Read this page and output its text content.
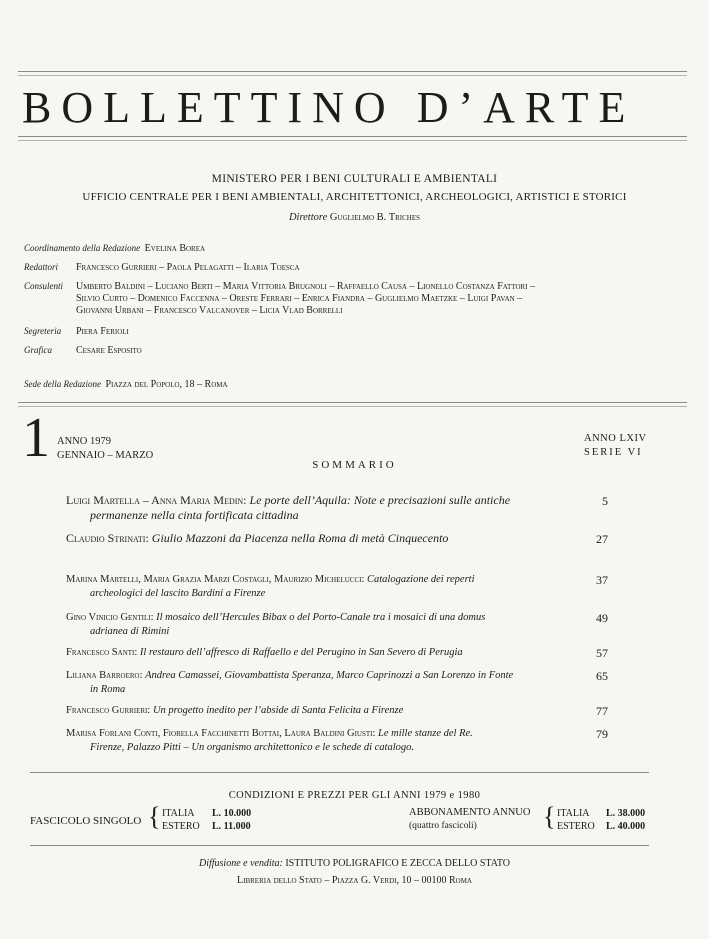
BOLLETTINO D’ARTE
MINISTERO PER I BENI CULTURALI E AMBIENTALI
UFFICIO CENTRALE PER I BENI AMBIENTALI, ARCHITETTONICI, ARCHEOLOGICI, ARTISTICI E STORICI
Direttore Guglielmo B. Triches
Coordinamento della Redazione Evelina Borea
Redattori Francesco Gurrieri – Paola Pelagatti – Ilaria Toesca
Consulenti Umberto Baldini – Luciano Berti – Maria Vittoria Brugnoli – Raffaello Causa – Lionello Costanza Fattori –
Silvio Curto – Domenico Faccenna – Oreste Ferrari – Enrica Fiandra – Guglielmo Maetzke – Luigi Pavan –
Giovanni Urbani – Francesco Valcanover – Licia Vlad Borrelli
Segreteria Piera Ferioli
Grafica Cesare Esposito
Sede della Redazione Piazza del Popolo, 18 – Roma
1 ANNO 1979
GENNAIO – MARZO
ANNO LXIV
SERIE VI
SOMMARIO
Luigi Martella – Anna Maria Medin: Le porte dell’Aquila: Note e precisazioni sulle antiche
permanenze nella cinta fortificata cittadina
5
Claudio Strinati: Giulio Mazzoni da Piacenza nella Roma di metà Cinquecento	27
Marina Martelli, Maria Grazia Marzi Costagli, Maurizio Michelucci: Catalogazione dei reperti
archeologici del lascito Bardini a Firenze
37
Gino Vinicio Gentili: Il mosaico dell’Hercules Bibax o del Porto-Canale tra i mosaici di una domus
adrianea di Rimini
49
Francesco Santi: Il restauro dell’affresco di Raffaello e del Perugino in San Severo di Perugia	57
Liliana Barroero: Andrea Camassei, Giovambattista Speranza, Marco Caprinozzi a San Lorenzo in Fonte
in Roma
65
Francesco Gurrieri: Un progetto inedito per l’abside di Santa Felicita a Firenze	77
Marisa Forlani Conti, Fiorella Facchinetti Bottai, Laura Baldini Giusti: Le mille stanze del Re.
Firenze, Palazzo Pitti – Un organismo architettonico e le schede di catalogo.
79
CONDIZIONI E PREZZI PER GLI ANNI 1979 e 1980
FASCICOLO SINGOLO { ITALIA L. 10.000
ESTERO L. 11.000
ABBONAMENTO ANNUO
(quattro fascicoli)	{ ITALIA L. 38.000
ESTERO L. 40.000
Diffusione e vendita: ISTITUTO POLIGRAFICO E ZECCA DELLO STATO
Libreria dello Stato – Piazza G. Verdi, 10 – 00100 Roma
